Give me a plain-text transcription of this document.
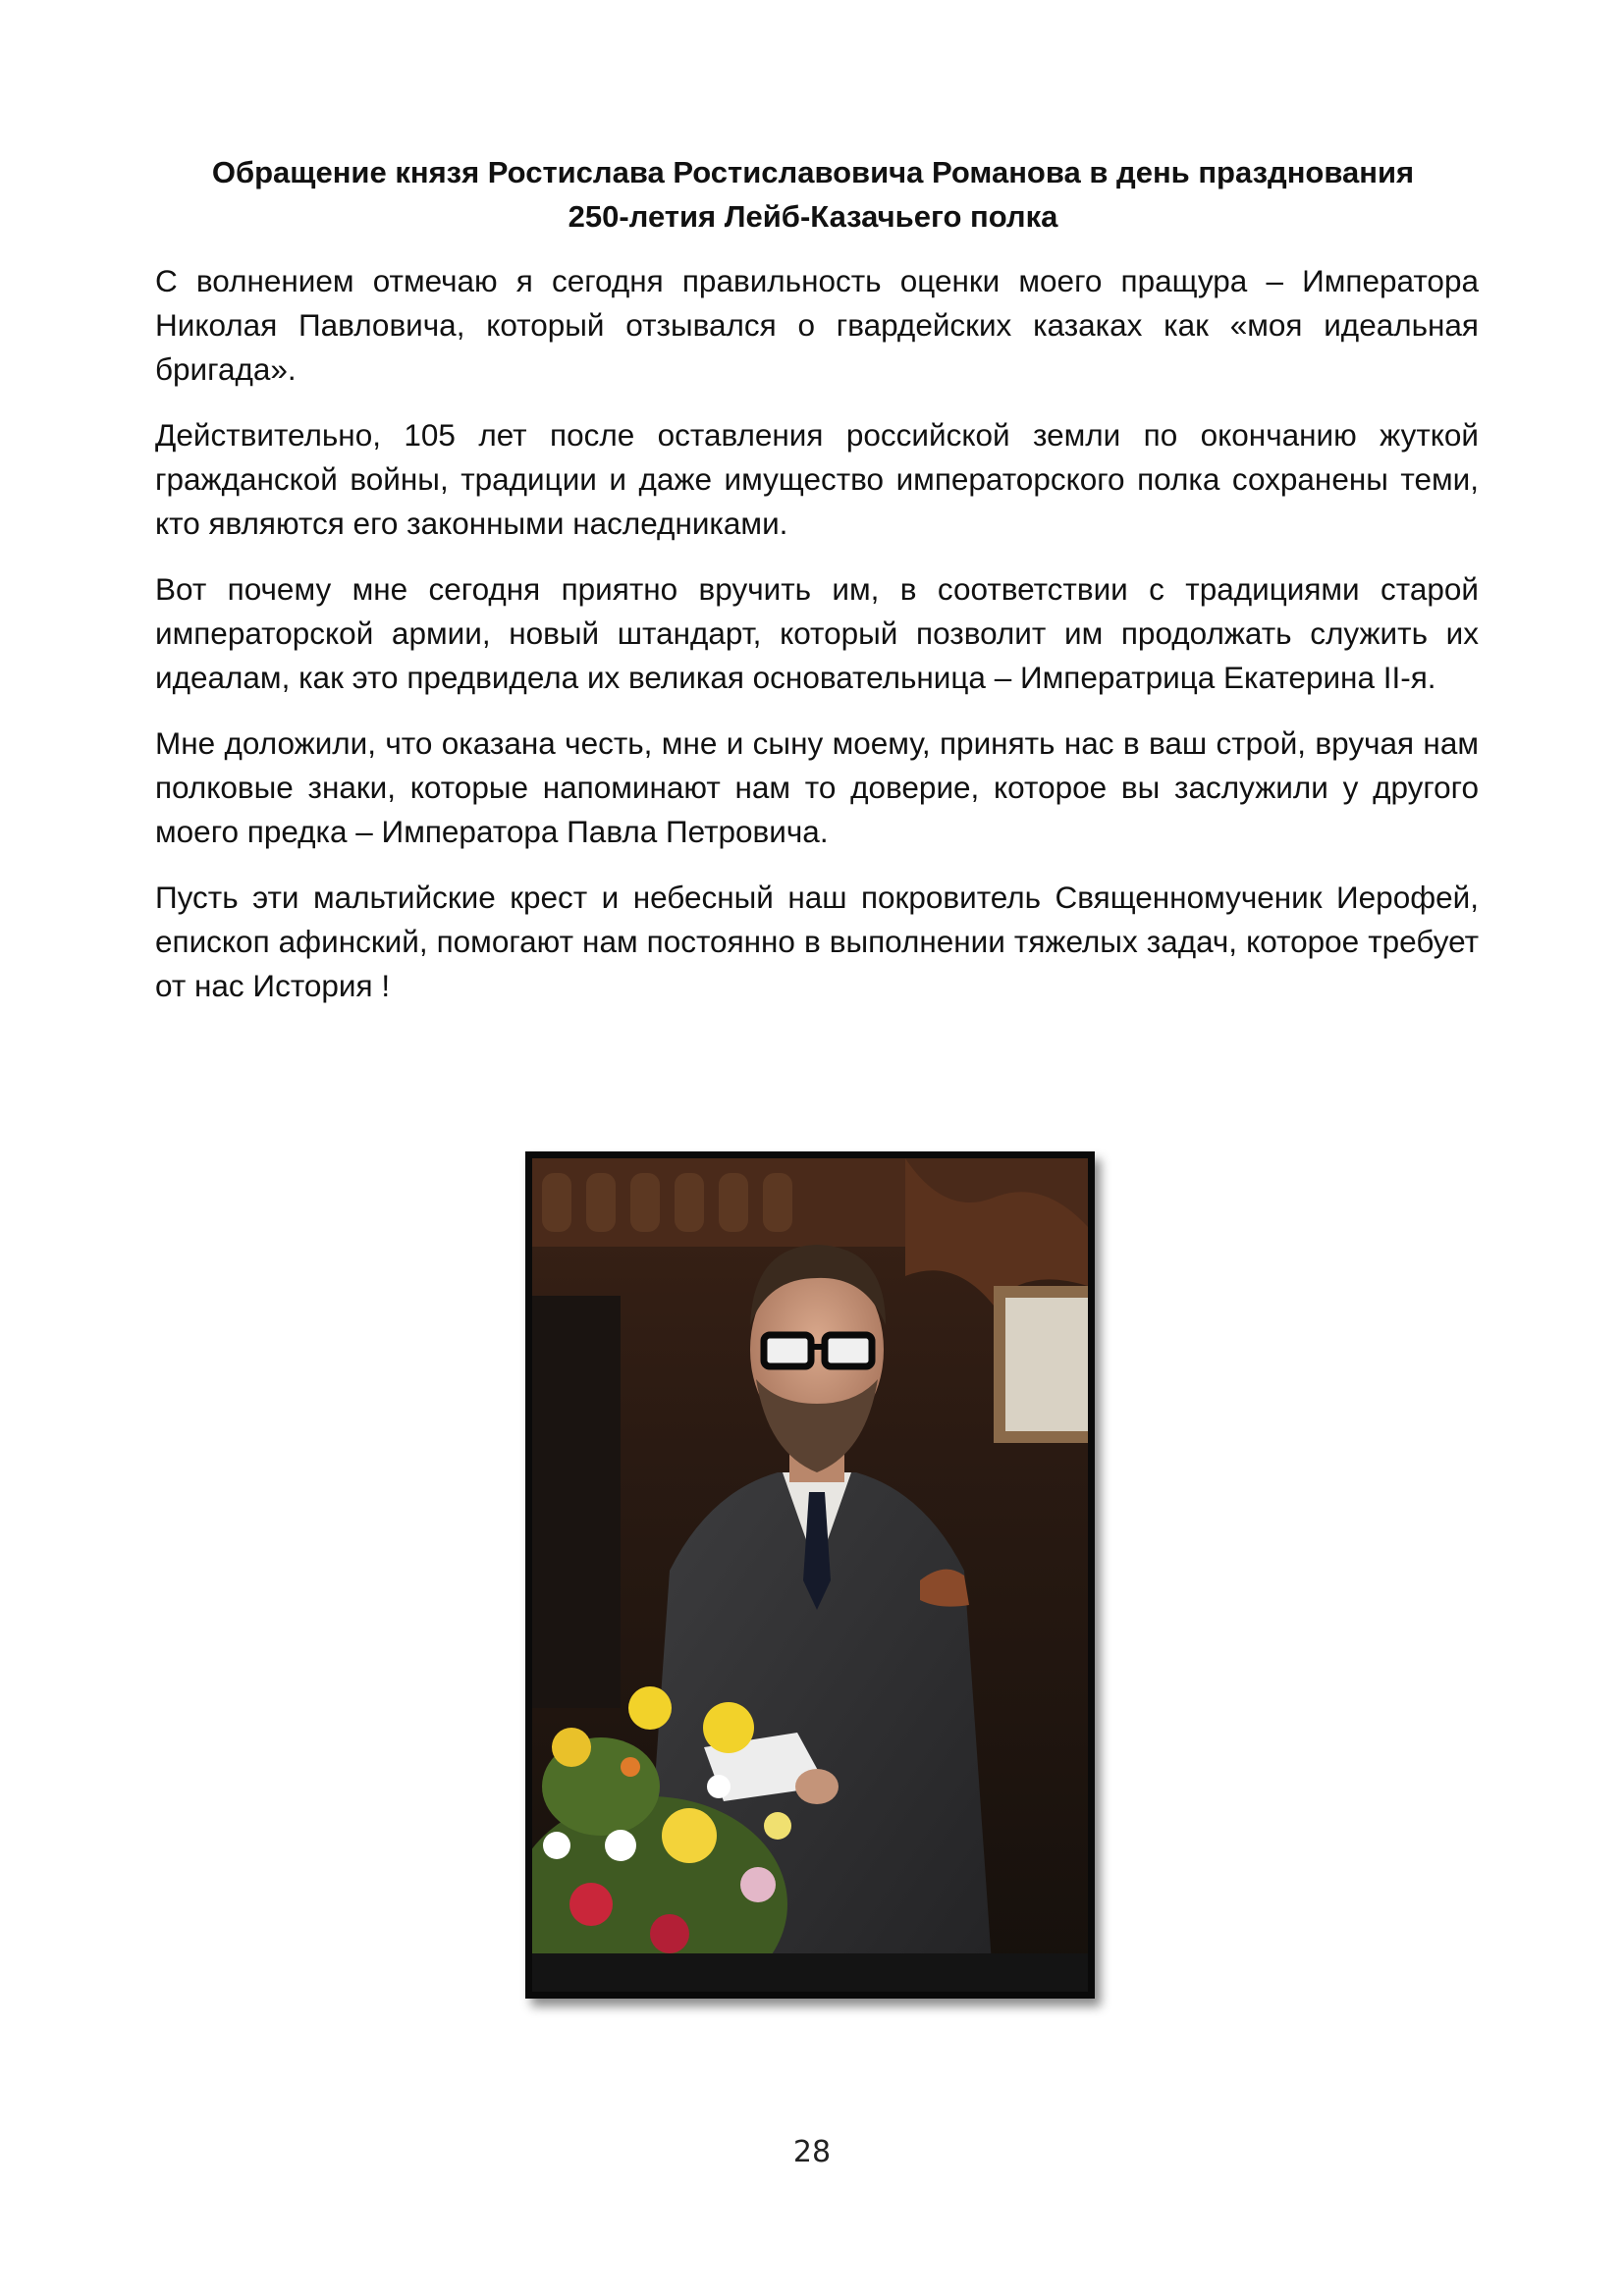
Обращение князя Ростислава Ростиславовича Романова в день празднования
250-летия Лейб-Казачьего полка

С волнением отмечаю я сегодня правильность оценки моего пращура – Императора Николая Павловича, который отзывался о гвардейских казаках как «моя идеальная бригада».

Действительно, 105 лет после оставления российской земли по окончанию жуткой гражданской войны, традиции и даже имущество императорского полка сохранены теми, кто являются его законными наследниками.

Вот почему мне сегодня приятно вручить им, в соответствии с традициями старой императорской армии, новый штандарт, который позволит им продолжать служить их идеалам, как это предвидела их великая основательница – Императрица Екатерина II-я.

Мне доложили, что оказана честь, мне и сыну моему, принять нас в ваш строй, вручая нам полковые знаки, которые напоминают нам то доверие, которое вы заслужили у другого моего предка – Императора Павла Петровича.

Пусть эти мальтийские крест и небесный наш покровитель Священномученик Иерофей, епископ афинский, помогают нам постоянно в выполнении тяжелых задач, которое требует от нас История !

28
